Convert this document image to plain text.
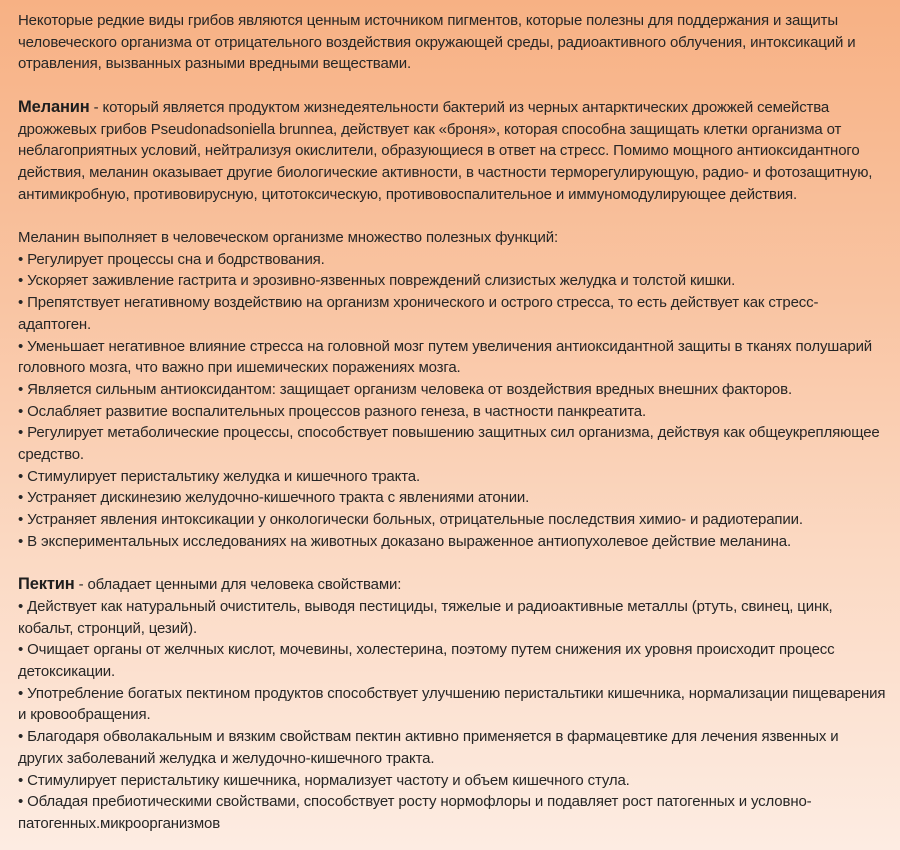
Некоторые редкие виды грибов являются ценным источником пигментов, которые полезны для поддержания и защиты человеческого организма от отрицательного воздействия окружающей среды, радиоактивного облучения, интоксикаций и отравления, вызванных разными вредными веществами.

Меланин - который является продуктом жизнедеятельности бактерий из черных антарктических дрожжей семейства дрожжевых грибов Pseudonadsoniella brunnea, действует как «броня», которая способна защищать клетки организма от неблагоприятных условий, нейтрализуя окислители, образующиеся в ответ на стресс. Помимо мощного антиоксидантного действия, меланин оказывает другие биологические активности, в частности терморегулирующую, радио- и фотозащитную, антимикробную, противовирусную, цитотоксическую, противовоспалительное и иммуномодулирующее действия.

Меланин выполняет в человеческом организме множество полезных функций:

• Регулирует процессы сна и бодрствования.
• Ускоряет заживление гастрита и эрозивно-язвенных повреждений слизистых желудка и толстой кишки.
• Препятствует негативному воздействию на организм хронического и острого стресса, то есть действует как стресс-адаптоген.
• Уменьшает негативное влияние стресса на головной мозг путем увеличения антиоксидантной защиты в тканях полушарий головного мозга, что важно при ишемических поражениях мозга.
• Является сильным антиоксидантом: защищает организм человека от воздействия вредных внешних факторов.
• Ослабляет развитие воспалительных процессов разного генеза, в частности панкреатита.
• Регулирует метаболические процессы, способствует повышению защитных сил организма, действуя как общеукрепляющее средство.
• Стимулирует перистальтику желудка и кишечного тракта.
• Устраняет дискинезию желудочно-кишечного тракта с явлениями атонии.
• Устраняет явления интоксикации у онкологически больных, отрицательные последствия химио- и радиотерапии.
• В экспериментальных исследованиях на животных доказано выраженное антиопухолевое действие меланина.

Пектин - обладает ценными для человека свойствами:

• Действует как натуральный очиститель, выводя пестициды, тяжелые и радиоактивные металлы (ртуть, свинец, цинк, кобальт, стронций, цезий).
• Очищает органы от желчных кислот, мочевины, холестерина, поэтому путем снижения их уровня происходит процесс детоксикации.
• Употребление богатых пектином продуктов способствует улучшению перистальтики кишечника, нормализации пищеварения и кровообращения.
• Благодаря обволакальным и вязким свойствам пектин активно применяется в фармацевтике для лечения язвенных и других заболеваний желудка и желудочно-кишечного тракта.
• Стимулирует перистальтику кишечника, нормализует частоту и объем кишечного стула.
• Обладая пребиотическими свойствами, способствует росту нормофлоры и подавляет рост патогенных и условно-патогенных.микроорганизмов
